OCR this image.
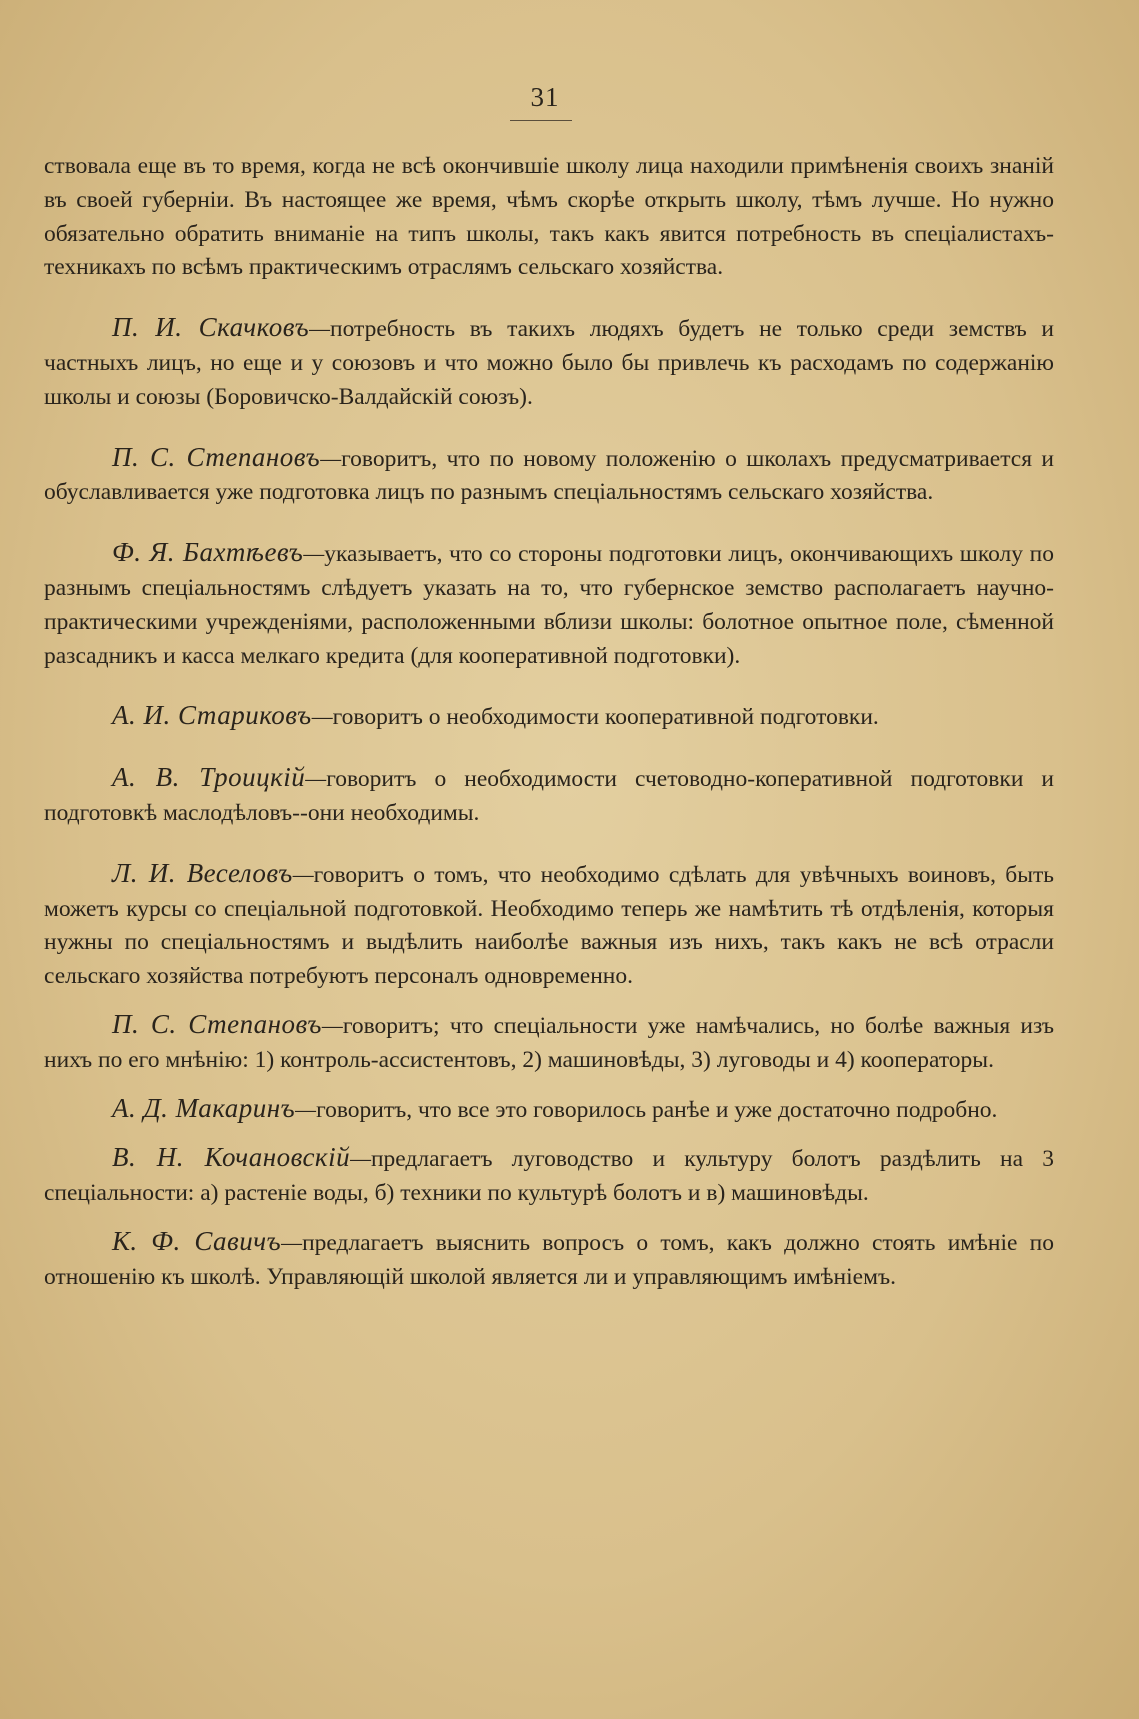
31

ствовала еще въ то время, когда не всѣ окончившіе школу лица находили примѣненія своихъ знаній въ своей губерніи. Въ настоящее же время, чѣмъ скорѣе открыть школу, тѣмъ лучше. Но нужно обязательно обратить вниманіе на типъ школы, такъ какъ явится потребность въ спеціалистахъ-техникахъ по всѣмъ практическимъ отраслямъ сельскаго хозяйства.

П. И. Скачковъ—потребность въ такихъ людяхъ будетъ не только среди земствъ и частныхъ лицъ, но еще и у союзовъ и что можно было бы привлечь къ расходамъ по содержанію школы и союзы (Боровичско-Валдайскій союзъ).

П. С. Степановъ—говоритъ, что по новому положенію о школахъ предусматривается и обуславливается уже подготовка лицъ по разнымъ спеціальностямъ сельскаго хозяйства.

Ф. Я. Бахтѣевъ—указываетъ, что со стороны подготовки лицъ, окончивающихъ школу по разнымъ спеціальностямъ слѣдуетъ указать на то, что губернское земство располагаетъ научно-практическими учрежденіями, расположенными вблизи школы: болотное опытное поле, сѣменной разсадникъ и касса мелкаго кредита (для кооперативной подготовки).

А. И. Стариковъ—говоритъ о необходимости кооперативной подготовки.

А. В. Троицкій—говоритъ о необходимости счетоводно-коперативной подготовки и подготовкѣ маслодѣловъ--они необходимы.

Л. И. Веселовъ—говоритъ о томъ, что необходимо сдѣлать для увѣчныхъ воиновъ, быть можетъ курсы со спеціальной подготовкой. Необходимо теперь же намѣтить тѣ отдѣленія, которыя нужны по спеціальностямъ и выдѣлить наиболѣе важныя изъ нихъ, такъ какъ не всѣ отрасли сельскаго хозяйства потребуютъ персоналъ одновременно.

П. С. Степановъ—говоритъ; что спеціальности уже намѣчались, но болѣе важныя изъ нихъ по его мнѣнію: 1) контроль-ассистентовъ, 2) машиновѣды, 3) луговоды и 4) кооператоры.

А. Д. Макаринъ—говоритъ, что все это говорилось ранѣе и уже достаточно подробно.

В. Н. Кочановскій—предлагаетъ луговодство и культуру болотъ раздѣлить на 3 спеціальности: а) растеніе воды, б) техники по культурѣ болотъ и в) машиновѣды.

К. Ф. Савичъ—предлагаетъ выяснить вопросъ о томъ, какъ должно стоять имѣніе по отношенію къ школѣ. Управляющій школой является ли и управляющимъ имѣніемъ.
